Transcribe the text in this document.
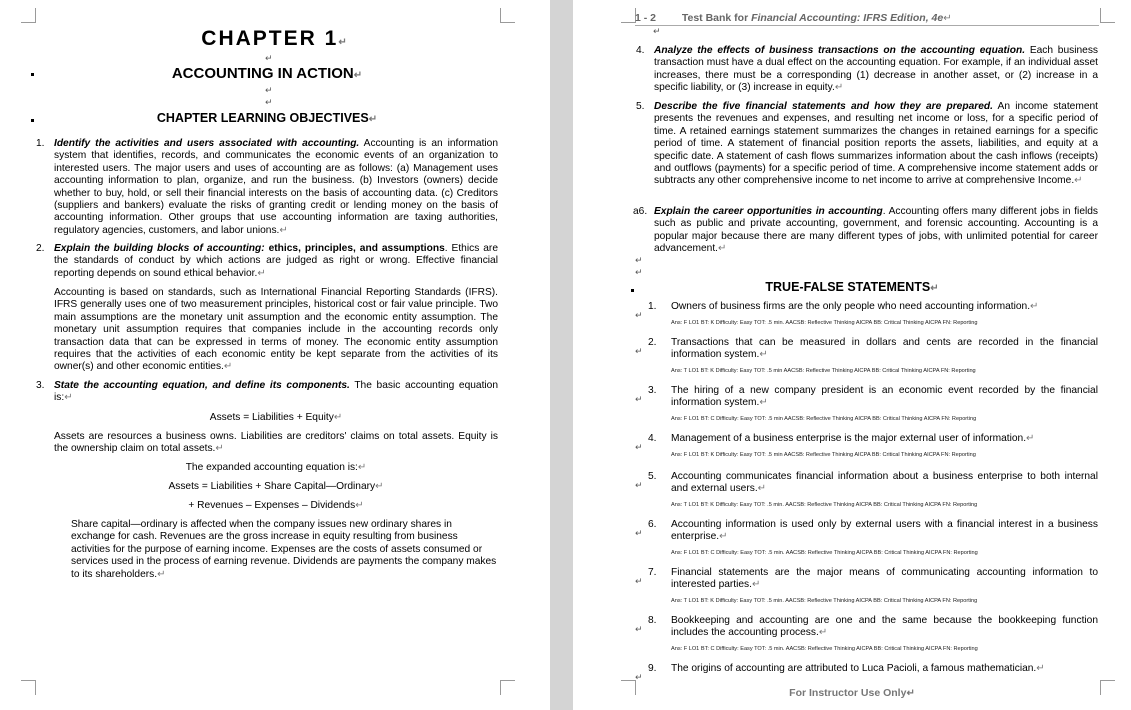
CHAPTER 1↵
↵
ACCOUNTING IN ACTION↵
↵
↵
CHAPTER LEARNING OBJECTIVES↵
1. Identify the activities and users associated with accounting. Accounting is an information system that identifies, records, and communicates the economic events of an organization to interested users. The major users and uses of accounting are as follows: (a) Management uses accounting information to plan, organize, and run the business. (b) Investors (owners) decide whether to buy, hold, or sell their financial interests on the basis of accounting data. (c) Creditors (suppliers and bankers) evaluate the risks of granting credit or lending money on the basis of accounting information. Other groups that use accounting information are taxing authorities, regulatory agencies, customers, and labor unions.↵
2. Explain the building blocks of accounting: ethics, principles, and assumptions. Ethics are the standards of conduct by which actions are judged as right or wrong. Effective financial reporting depends on sound ethical behavior.↵
Accounting is based on standards, such as International Financial Reporting Standards (IFRS). IFRS generally uses one of two measurement principles, historical cost or fair value principle. Two main assumptions are the monetary unit assumption and the economic entity assumption. The monetary unit assumption requires that companies include in the accounting records only transaction data that can be expressed in terms of money. The economic entity assumption requires that the activities of each economic entity be kept separate from the activities of its owner(s) and other economic entities.↵
3. State the accounting equation, and define its components. The basic accounting equation is:↵
Assets = Liabilities + Equity↵
Assets are resources a business owns. Liabilities are creditors' claims on total assets. Equity is the ownership claim on total assets.↵
The expanded accounting equation is:↵
Assets = Liabilities + Share Capital—Ordinary↵
+ Revenues – Expenses – Dividends↵
Share capital—ordinary is affected when the company issues new ordinary shares in exchange for cash. Revenues are the gross increase in equity resulting from business activities for the purpose of earning income. Expenses are the costs of assets consumed or services used in the process of earning revenue. Dividends are payments the company makes to its shareholders.↵
1 - 2 Test Bank for Financial Accounting: IFRS Edition, 4e↵
↵
4. Analyze the effects of business transactions on the accounting equation. Each business transaction must have a dual effect on the accounting equation. For example, if an individual asset increases, there must be a corresponding (1) decrease in another asset, or (2) increase in a specific liability, or (3) increase in equity.↵
5. Describe the five financial statements and how they are prepared. An income statement presents the revenues and expenses, and resulting net income or loss, for a specific period of time. A retained earnings statement summarizes the changes in retained earnings for a specific period of time. A statement of financial position reports the assets, liabilities, and equity at a specific date. A statement of cash flows summarizes information about the cash inflows (receipts) and outflows (payments) for a specific period of time. A comprehensive income statement adds or subtracts any other comprehensive income to net income to arrive at comprehensive Income.↵
a6. Explain the career opportunities in accounting. Accounting offers many different jobs in fields such as public and private accounting, government, and forensic accounting. Accounting is a popular major because there are many different types of jobs, with unlimited potential for career advancement.↵
↵
↵
TRUE-FALSE STATEMENTS↵
1. Owners of business firms are the only people who need accounting information.↵
↵
Ans: F LO1 BT: K Difficulty: Easy TOT: .5 min. AACSB: Reflective Thinking AICPA BB: Critical Thinking AICPA FN: Reporting
2. Transactions that can be measured in dollars and cents are recorded in the financial information system.↵
↵
Ans: T LO1 BT: K Difficulty: Easy TOT: .5 min AACSB: Reflective Thinking AICPA BB: Critical Thinking AICPA FN: Reporting
3. The hiring of a new company president is an economic event recorded by the financial information system.↵
↵
Ans: F LO1 BT: C Difficulty: Easy TOT: .5 min AACSB: Reflective Thinking AICPA BB: Critical Thinking AICPA FN: Reporting
4. Management of a business enterprise is the major external user of information.↵
↵
Ans: F LO1 BT: K Difficulty: Easy TOT: .5 min AACSB: Reflective Thinking AICPA BB: Critical Thinking AICPA FN: Reporting
5. Accounting communicates financial information about a business enterprise to both internal and external users.↵
↵
Ans: T LO1 BT: K Difficulty: Easy TOT: .5 min. AACSB: Reflective Thinking AICPA BB: Critical Thinking AICPA FN: Reporting
6. Accounting information is used only by external users with a financial interest in a business enterprise.↵
↵
Ans: F LO1 BT: C Difficulty: Easy TOT: .5 min. AACSB: Reflective Thinking AICPA BB: Critical Thinking AICPA FN: Reporting
7. Financial statements are the major means of communicating accounting information to interested parties.↵
↵
Ans: T LO1 BT: K Difficulty: Easy TOT: .5 min. AACSB: Reflective Thinking AICPA BB: Critical Thinking AICPA FN: Reporting
8. Bookkeeping and accounting are one and the same because the bookkeeping function includes the accounting process.↵
↵
Ans: F LO1 BT: C Difficulty: Easy TOT: .5 min. AACSB: Reflective Thinking AICPA BB: Critical Thinking AICPA FN: Reporting
9. The origins of accounting are attributed to Luca Pacioli, a famous mathematician.↵
↵
For Instructor Use Only↵
